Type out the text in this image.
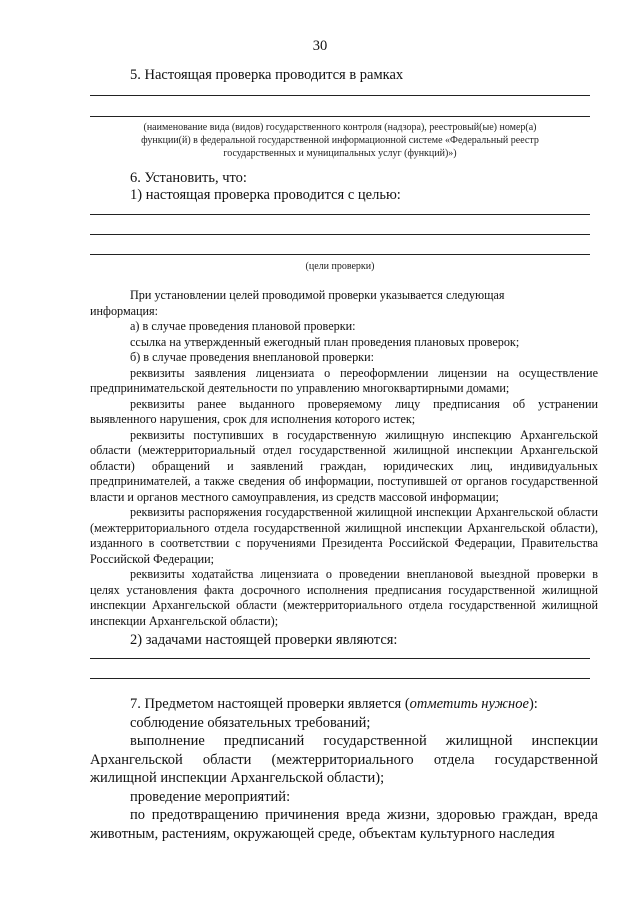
30
5. Настоящая проверка проводится в рамках
(наименование вида (видов) государственного контроля (надзора), реестровый(ые) номер(а)
функции(й) в федеральной государственной информационной системе «Федеральный реестр
государственных и муниципальных услуг (функций)»)
6. Установить, что:
1) настоящая проверка проводится с целью:
(цели проверки)

При установлении целей проводимой проверки указывается следующая

информация:

а) в случае проведения плановой проверки:

ссылка на утвержденный ежегодный план проведения плановых проверок;

б) в случае проведения внеплановой проверки:

реквизиты заявления лицензиата о переоформлении лицензии на осуществление предпринимательской деятельности по управлению многоквартирными домами;

реквизиты ранее выданного проверяемому лицу предписания об устранении выявленного нарушения, срок для исполнения которого истек;

реквизиты поступивших в государственную жилищную инспекцию Архангельской области (межтерриториальный отдел государственной жилищной инспекции Архангельской области) обращений и заявлений граждан, юридических лиц, индивидуальных предпринимателей, а также сведения об информации, поступившей от органов государственной власти и органов местного самоуправления, из средств массовой информации;

реквизиты распоряжения государственной жилищной инспекции Архангельской области (межтерриториального отдела государственной жилищной инспекции Архангельской области), изданного в соответствии с поручениями Президента Российской Федерации, Правительства Российской Федерации;

реквизиты ходатайства лицензиата о проведении внеплановой выездной проверки в целях установления факта досрочного исполнения предписания государственной жилищной инспекции Архангельской области (межтерриториального отдела государственной жилищной инспекции Архангельской области);

2) задачами настоящей проверки являются:

7. Предметом настоящей проверки является (отметить нужное):

соблюдение обязательных требований;

выполнение предписаний государственной жилищной инспекции Архангельской области (межтерриториального отдела государственной жилищной инспекции Архангельской области);

проведение мероприятий:

по предотвращению причинения вреда жизни, здоровью граждан, вреда животным, растениям, окружающей среде, объектам культурного наследия
